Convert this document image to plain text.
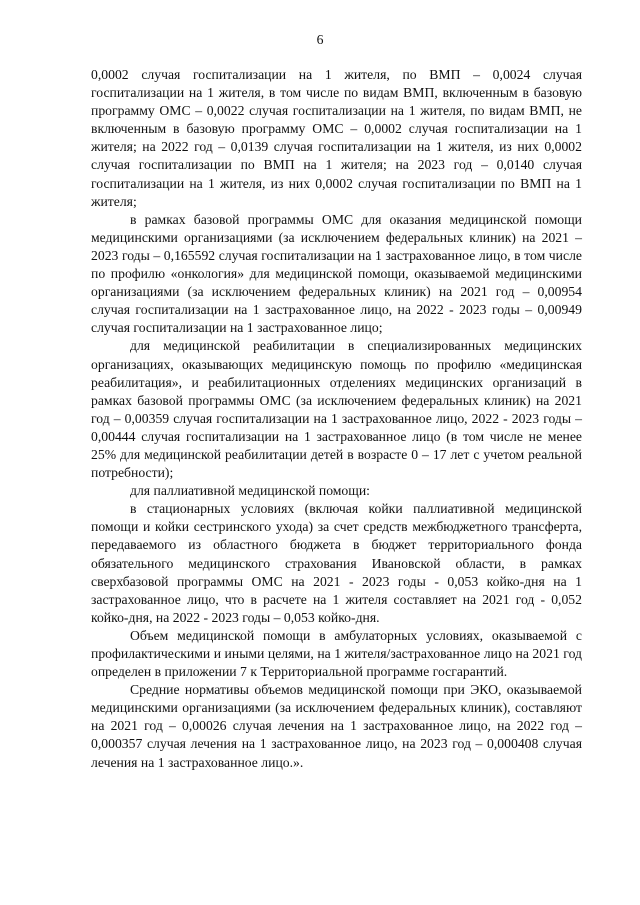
6

0,0002 случая госпитализации на 1 жителя, по ВМП – 0,0024 случая госпитализации на 1 жителя, в том числе по видам ВМП, включенным в базовую программу ОМС – 0,0022 случая госпитализации на 1 жителя, по видам ВМП, не включенным в базовую программу ОМС – 0,0002 случая госпитализации на 1 жителя; на 2022 год – 0,0139 случая госпитализации на 1 жителя, из них 0,0002 случая госпитализации по ВМП на 1 жителя; на 2023 год – 0,0140 случая госпитализации на 1 жителя, из них 0,0002 случая госпитализации по ВМП на 1 жителя;

в рамках базовой программы ОМС для оказания медицинской помощи медицинскими организациями (за исключением федеральных клиник) на 2021 – 2023 годы – 0,165592 случая госпитализации на 1 застрахованное лицо, в том числе по профилю «онкология» для медицинской помощи, оказываемой медицинскими организациями (за исключением федеральных клиник) на 2021 год – 0,00954 случая госпитализации на 1 застрахованное лицо, на 2022 - 2023 годы – 0,00949 случая госпитализации на 1 застрахованное лицо;

для медицинской реабилитации в специализированных медицинских организациях, оказывающих медицинскую помощь по профилю «медицинская реабилитация», и реабилитационных отделениях медицинских организаций в рамках базовой программы ОМС (за исключением федеральных клиник) на 2021 год – 0,00359 случая госпитализации на 1 застрахованное лицо, 2022 - 2023 годы – 0,00444 случая госпитализации на 1 застрахованное лицо (в том числе не менее 25% для медицинской реабилитации детей в возрасте 0 – 17 лет с учетом реальной потребности);

для паллиативной медицинской помощи:

в стационарных условиях (включая койки паллиативной медицинской помощи и койки сестринского ухода) за счет средств межбюджетного трансферта, передаваемого из областного бюджета в бюджет территориального фонда обязательного медицинского страхования Ивановской области, в рамках сверхбазовой программы ОМС на 2021 - 2023 годы - 0,053 койко-дня на 1 застрахованное лицо, что в расчете на 1 жителя составляет на 2021 год - 0,052 койко-дня, на 2022 - 2023 годы – 0,053 койко-дня.

Объем медицинской помощи в амбулаторных условиях, оказываемой с профилактическими и иными целями, на 1 жителя/застрахованное лицо на 2021 год определен в приложении 7 к Территориальной программе госгарантий.

Средние нормативы объемов медицинской помощи при ЭКО, оказываемой медицинскими организациями (за исключением федеральных клиник), составляют на 2021 год – 0,00026 случая лечения на 1 застрахованное лицо, на 2022 год – 0,000357 случая лечения на 1 застрахованное лицо, на 2023 год – 0,000408 случая лечения на 1 застрахованное лицо.».
